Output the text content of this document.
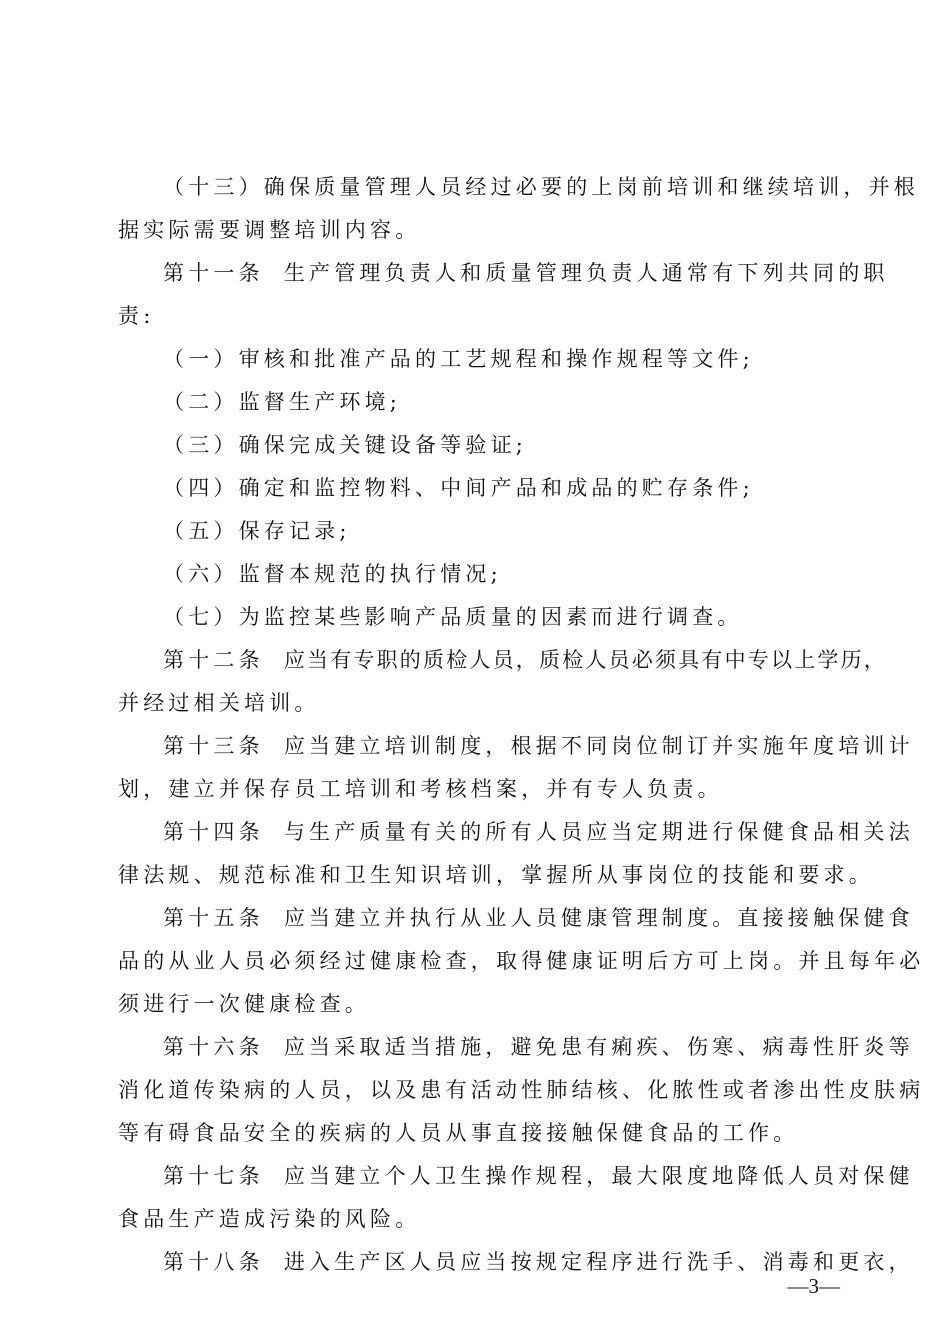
（十三）确保质量管理人员经过必要的上岗前培训和继续培训，并根
据实际需要调整培训内容。
第十一条 生产管理负责人和质量管理负责人通常有下列共同的职
责:
（一）审核和批准产品的工艺规程和操作规程等文件;
（二）监督生产环境;
（三）确保完成关键设备等验证;
（四）确定和监控物料、中间产品和成品的贮存条件;
（五）保存记录;
（六）监督本规范的执行情况;
（七）为监控某些影响产品质量的因素而进行调查。
第十二条 应当有专职的质检人员，质检人员必须具有中专以上学历，
并经过相关培训。
第十三条 应当建立培训制度，根据不同岗位制订并实施年度培训计
划，建立并保存员工培训和考核档案，并有专人负责。
第十四条 与生产质量有关的所有人员应当定期进行保健食品相关法
律法规、规范标准和卫生知识培训，掌握所从事岗位的技能和要求。
第十五条 应当建立并执行从业人员健康管理制度。直接接触保健食
品的从业人员必须经过健康检查，取得健康证明后方可上岗。并且每年必
须进行一次健康检查。
第十六条 应当采取适当措施，避免患有痢疾、伤寒、病毒性肝炎等
消化道传染病的人员，以及患有活动性肺结核、化脓性或者渗出性皮肤病
等有碍食品安全的疾病的人员从事直接接触保健食品的工作。
第十七条 应当建立个人卫生操作规程，最大限度地降低人员对保健
食品生产造成污染的风险。
第十八条 进入生产区人员应当按规定程序进行洗手、消毒和更衣，
—3—
